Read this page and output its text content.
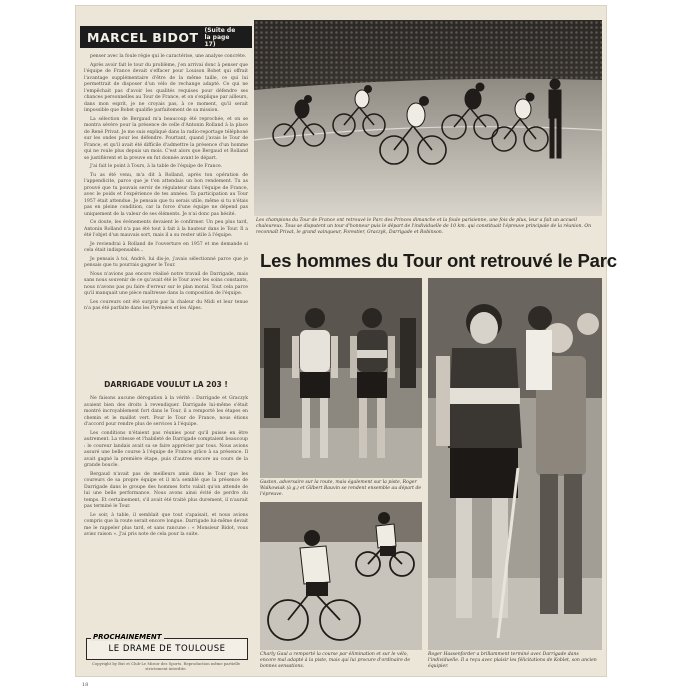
MARCEL BIDOT (Suite de la page 17)

penser avec la foule régie qui le caractérise, une analyse concrète.

Après avoir fait le tour du problème, j'en arrivai donc à penser que l'équipe de France devait s'effacer pour Louison Bobet qui offrait l'avantage supplémentaire d'être de la même taille, ce qui lui permettrait de disposer d'un vélo de rechange adapté. Ce qui ne l'empêchait pas d'avoir les qualités requises pour défendre ses chances personnelles au Tour de France, et on s'explique par ailleurs, dans mon esprit, je ne croyais pas, à ce moment, qu'il serait impossible que Bobet qualifie parfaitement de sa mission.

La sélection de Bergaud m'a beaucoup été reprochée, et on se montra sévère pour la présence de celle d'Antonin Rolland à la place de René Privat. Je me suis expliqué dans la radio-reportage téléphoné sur les ondes pour les défendre. Pourtant, quand j'avais le Tour de France, et qu'il avait été difficile d'admettre la présence d'un homme qui ne roule plus depuis un mois. C'est alors que Bergaud et Rolland se justifièrent et la preuve en fut donnée avant le départ.

J'ai fait le point à Tours, à la table de l'équipe de France.

Tu as été venu, m'a dit à Rolland, après ton opération de l'appendicite, parce que je t'en attendais un bon rendement. Tu as prouvé que tu pouvais servir de régulateur dans l'équipe de France, avec le poids et l'expérience de tes années. Ta participation au Tour 1957 était attendue. Je pensais que tu serais utile, même si tu n'étais pas en pleine condition, car la force d'une équipe ne dépend pas uniquement de la valeur de ses éléments. Je n'ai donc pas hésité.

Ce doute, les événements devaient le confirmer. Un peu plus tard, Antonin Rolland n'a pas été tout à fait à la hauteur dans le Tour. Il a été l'objet d'un mauvais sort, mais il a su rester utile à l'équipe.

Je reviendrai à Rolland de l'ouverture en 1957 et me demande si cela était indispensable...

Je pensais à toi, André, lui dis-je, j'avais sélectionné parce que je pensais que tu pourrais gagner le Tour.

Nous n'avions pas encore réalisé notre travail de Darrigade, mais sans nous souvenir de ce qu'avait été le Tour avec les soins constants, nous n'avons pas pu faire d'erreur sur le plan moral. Tout cela parce qu'il manquait une pièce maîtresse dans la composition de l'équipe.

Les coureurs ont été surpris par la chaleur du Midi et leur tenue n'a pas été parfaite dans les Pyrénées et les Alpes.

DARRIGADE VOULUT LA 203 !

Ne faisons aucune dérogation à la vérité : Darrigade et Graczyk avaient bien des droits à revendiquer. Darrigade lui-même s'était montré incroyablement fort dans le Tour, il a remporté les étapes en chemin et le maillot vert. Pour le Tour de France, nous étions d'accord pour rendre plus de services à l'équipe.

Les conditions n'étaient pas réunies pour qu'il puisse en être autrement. La vitesse et l'habileté de Darrigade comptaient beaucoup : le coureur landais avait su se faire apprécier par tous. Nous avions assuré une belle course à l'équipe de France grâce à sa présence. Il avait gagné la première étape, puis d'autres encore au cours de la grande boucle.

Bergaud n'avait pas de meilleurs amis dans le Tour que les coureurs de sa propre équipe et il m'a semblé que la présence de Darrigade dans le groupe des hommes forts valait qu'on attende de lui une belle performance. Nous avons ainsi évité de perdre du temps. Et certainement, s'il avait été traité plus durement, il n'aurait pas terminé le Tour.

Le soir, à table, il semblait que tout s'apaisait, et nous avions compris que la route serait encore longue. Darrigade lui-même devait me le rappeler plus tard, et sans rancune : « Monsieur Bidot, vous aviez raison ». J'ai pris note de cela pour la suite.

PROCHAINEMENT
LE DRAME DE TOULOUSE
Copyright by But et Club-Le Miroir des Sports. Reproduction même partielle strictement interdite.
18
Les champions du Tour de France ont retrouvé le Parc des Princes dimanche et la foule parisienne, une fois de plus, leur a fait un accueil chaleureux. Tous se disputent un tour d'honneur puis le départ de l'individuelle de 10 km. qui constituait l'épreuve principale de la réunion. On reconnaît Privat, le grand vainqueur, Forestier, Graczyk, Darrigade et Robinson.
Les hommes du Tour ont retrouvé le Parc
Gaston, adversaire sur la route, mais également sur la piste, Roger Walkowiak (à g.) et Gilbert Bauvin se rendent ensemble au départ de l'épreuve.
Charly Gaul a remporté la course par élimination et sur le vélo, encore mal adapté à la piste, mais qui lui procure d'ordinaire de bonnes sensations.
Roger Hassenforder a brillamment terminé avec Darrigade dans l'individuelle. Il a reçu avec plaisir les félicitations de Koblet, son ancien équipier.
